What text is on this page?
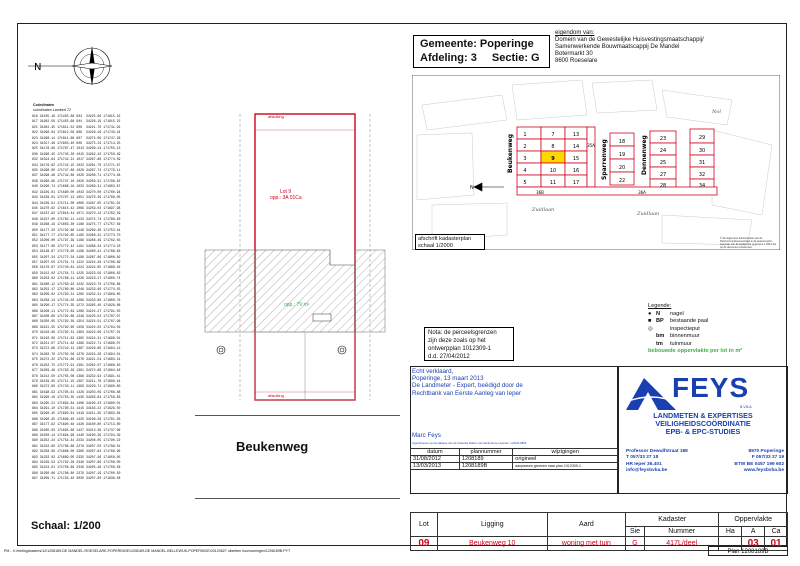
N
Coördinaten
coördinaten Lambert 72
816	34225.19	171455.88	904	34225.09	171615.22
817	34262.56	171455.68	904	34226.19	171615.22
821	34281.45	171811.52	908	34221.70	171741.92
822	34296.04	171812.58	906	34226.16	171743.24
823	34296.14	171811.68	907	34274.09	171747.26
824	34317.46	171803.40	908	34275.13	171714.25
825	34178.90	171767.47	1013	34209.14	171755.13
830	34296.45	171745.30	1015	34292.42	171756.49
832	34314.84	171742.21	1017	34267.88	171774.59
834	34176.62	171742.15	1023	34261.70	171771.67
835	34296.00	171747.86	1026	34267.74	171776.11
837	34298.48	171742.86	1029	34208.71	171774.48
838	34290.96	171747.10	1029	34289.31	171796.82
840	34290.74	171688.19	1033	34289.31	171803.87
842	34229.01	171690.00	1043	34270.00	171760.94
843	34229.01	171707.13	1051	34276.39	171768.05
844	34229.01	171711.00	1060	34287.05	171781.01
845	34270.62	171615.42	1069	34259.02	171697.98
847	34237.92	171818.44	1071	34270.13	171762.49
848	34227.00	171764.11	1133	34275.74	171766.63
849	34268.19	171603.30	1188	34275.77	171757.56
850	34177.33	171792.88	1148	34269.36	171753.44
851	34177.77	171792.85	1185	34268.31	171773.70
852	34206.00	171797.39	1189	34288.49	171782.55
853	34177.06	171772.42	1191	34288.34	171774.23
854	34126.67	171776.90	1196	34280.41	171788.63
855	34207.34	171772.34	1196	34287.06	171806.82
857	34207.50	171751.74	1222	34224.48	171796.69
858	34170.67	171740.81	1224	34224.05	171888.02
859	34212.02	171754.71	1225	34223.59	171806.83
860	34253.02	171766.11	1228	34223.17	171800.74
861	34280.12	171763.92	1232	34223.73	171706.86
862	34252.17	171780.80	1248	34233.96	171774.55
863	34209.02	171793.31	1265	34232.31	171808.65
864	34258.14	171744.02	1269	34233.89	171808.76
865	34290.17	171774.35	1272	34265.40	171826.88
866	34208.11	171772.83	1289	34224.27	171791.55
867	34208.60	171792.66	1348	34225.52	171787.07
868	34250.05	171792.39	1354	34224.51	171787.96
869	34221.55	171792.60	1358	34224.02	171794.02
870	34216.06	171782.31	1363	34222.09	171707.01
871	34210.09	171711.62	1365	34224.31	171696.01
872	34211.07	171711.82	1369	34222.71	171696.07
873	34272.66	171742.12	1367	34229.60	171694.12
874	34262.70	171702.56	1376	34224.26	171694.01
875	34272.22	171751.69	1376	34221.54	171683.14
876	34252.75	171772.91	1381	34262.07	171668.40
877	34259.48	171793.29	1391	34274.66	171684.46
878	34212.50	171755.06	1396	34232.94	171691.41
879	34219.05	171711.15	1397	34211.78	171699.44
880	34272.90	171743.11	1399	34229.71	171690.80
881	34198.93	171795.61	1429	34203.09	171766.88
882	34290.10	171755.35	1430	34283.63	171758.83
883	34295.21	171694.84	1406	34190.23	171690.01
884	34291.10	171790.31	1415	34183.22	171629.50
885	34290.45	171693.61	1418	34211.35	171693.84
886	34290.45	171696.40	1425	34196.26	171701.03
887	34177.82	171690.48	1426	34180.80	171713.80
888	34265.03	171695.60	1427	34213.39	171737.06
889	34250.14	171694.96	1440	34190.39	171794.39
890	34252.24	171754.44	2234	34208.05	171790.22
891	34222.90	171786.66	2278	34207.50	171788.01
892	34258.09	171666.00	2360	34207.64	171768.96
893	34232.03	171669.05	2335	34207.46	171658.05
894	34229.53	171792.26	2348	34207.86	171708.00
895	34213.61	171756.69	2348	34205.48	171708.56
896	34290.06	171788.80	2379	34207.19	171700.50
897	34209.71	171793.40	3030	34207.60	171636.58
Schaal: 1/200
afsluiting
afsluiting
Lot 9
opp.: 3A 01Ca
opp.: 79 m²
Beukenweg
Gemeente: Poperinge
Afdeling: 3 Sectie: G
eigendom van:
Domein van de Gewestelijke Huisvestingsmaatschappij/
Samenwerkende Bouwmaatscappij De Mandel
Botermarkt 30
8600 Roeselare
Beukenweg	Sparrenweg	Dennenweg
Zuidlaan
Zuidlaan
Nol
1
2
3
4
5
7
8
9
10
11
13
14
15
16
17
35A
18
19
20
22
23
24
25
27
28
29
30
31
32
34
36B	36A
N
© De Algemene Administratie van de Patrimoniumdocumentatie is de auteursrecht-eigenaar van de kadastrale gegevens 1.2012 die op dit document voorkomen
afschrift kadasterplan
schaal 1/2000
Nota: de perceelsgrenzen
zijn deze zoals op het
ontwerpplan 1012309-1
d.d. 27/04/2012
Legende:
● N nagel
■ BP bestaande paal
◎	inspectieput
bm binnenmuur
tm tuinmuur
bebouwde oppervlakte per lot in m²
Echt verklaard,
Poperinge, 13 maart 2013
De Landmeter - Expert, beëdigd door de
Rechtbank van Eerste Aanleg van Ieper
Marc Feys
Ingeschreven op het tableau van de Federale Raden van landmeters-experten: LAN04-0854
datum	plannummer	wijzigingen
31/08/2012	1208189	origineel
13/03/2013	1208189B	aanpassen grenzen naar plan 1012309-1
FEYS
B.V.B.A.
LANDMETEN & EXPERTISES
VEILIGHEIDSCOÖRDINATIE
EPB- & EPC-STUDIES
Professor Dewulfstraat 188	8970 Poperinge
T 057/33 27 18	F 057/33 27 19
HR Ieper 36.401	BTW BE 0457 199 602
info@feysbvba.be	www.feysbvba.be
Lot	Ligging	Aard	Kadaster		Oppervlakte		
			Sie	Nummer	Ha	A	Ca
09	Beukenweg 10	woning met tuin	G	417L/deel		03	01
Plan 1208189B
PM - X:\metingdossiers\12\1208189-DE MANDEL-ROESELARE-POPERINGE\1208189-DE MANDEL-BELLEWIJK-POPERINGE\20120827 uitzetten huurwoningen\1208189B.PYT
